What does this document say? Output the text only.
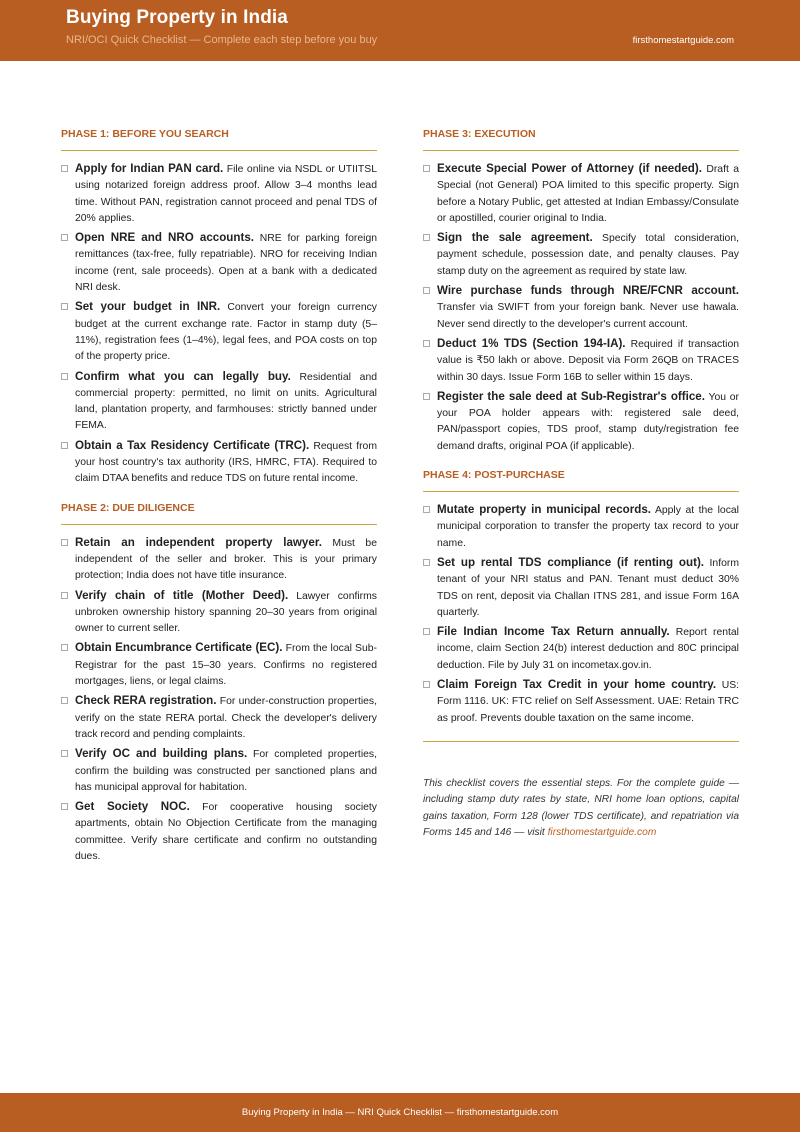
Buying Property in India
NRI/OCI Quick Checklist — Complete each step before you buy	firsthomestartguide.com
PHASE 1: BEFORE YOU SEARCH
Apply for Indian PAN card. File online via NSDL or UTIITSL using notarized foreign address proof. Allow 3–4 months lead time. Without PAN, registration cannot proceed and penal TDS of 20% applies.
Open NRE and NRO accounts. NRE for parking foreign remittances (tax-free, fully repatriable). NRO for receiving Indian income (rent, sale proceeds). Open at a bank with a dedicated NRI desk.
Set your budget in INR. Convert your foreign currency budget at the current exchange rate. Factor in stamp duty (5–11%), registration fees (1–4%), legal fees, and POA costs on top of the property price.
Confirm what you can legally buy. Residential and commercial property: permitted, no limit on units. Agricultural land, plantation property, and farmhouses: strictly banned under FEMA.
Obtain a Tax Residency Certificate (TRC). Request from your host country's tax authority (IRS, HMRC, FTA). Required to claim DTAA benefits and reduce TDS on future rental income.
PHASE 2: DUE DILIGENCE
Retain an independent property lawyer. Must be independent of the seller and broker. This is your primary protection; India does not have title insurance.
Verify chain of title (Mother Deed). Lawyer confirms unbroken ownership history spanning 20–30 years from original owner to current seller.
Obtain Encumbrance Certificate (EC). From the local Sub-Registrar for the past 15–30 years. Confirms no registered mortgages, liens, or legal claims.
Check RERA registration. For under-construction properties, verify on the state RERA portal. Check the developer's delivery track record and pending complaints.
Verify OC and building plans. For completed properties, confirm the building was constructed per sanctioned plans and has municipal approval for habitation.
Get Society NOC. For cooperative housing society apartments, obtain No Objection Certificate from the managing committee. Verify share certificate and confirm no outstanding dues.
PHASE 3: EXECUTION
Execute Special Power of Attorney (if needed). Draft a Special (not General) POA limited to this specific property. Sign before a Notary Public, get attested at Indian Embassy/Consulate or apostilled, courier original to India.
Sign the sale agreement. Specify total consideration, payment schedule, possession date, and penalty clauses. Pay stamp duty on the agreement as required by state law.
Wire purchase funds through NRE/FCNR account. Transfer via SWIFT from your foreign bank. Never use hawala. Never send directly to the developer's current account.
Deduct 1% TDS (Section 194-IA). Required if transaction value is ₹50 lakh or above. Deposit via Form 26QB on TRACES within 30 days. Issue Form 16B to seller within 15 days.
Register the sale deed at Sub-Registrar's office. You or your POA holder appears with: registered sale deed, PAN/passport copies, TDS proof, stamp duty/registration fee demand drafts, original POA (if applicable).
PHASE 4: POST-PURCHASE
Mutate property in municipal records. Apply at the local municipal corporation to transfer the property tax record to your name.
Set up rental TDS compliance (if renting out). Inform tenant of your NRI status and PAN. Tenant must deduct 30% TDS on rent, deposit via Challan ITNS 281, and issue Form 16A quarterly.
File Indian Income Tax Return annually. Report rental income, claim Section 24(b) interest deduction and 80C principal deduction. File by July 31 on incometax.gov.in.
Claim Foreign Tax Credit in your home country. US: Form 1116. UK: FTC relief on Self Assessment. UAE: Retain TRC as proof. Prevents double taxation on the same income.
This checklist covers the essential steps. For the complete guide — including stamp duty rates by state, NRI home loan options, capital gains taxation, Form 128 (lower TDS certificate), and repatriation via Forms 145 and 146 — visit firsthomestartguide.com
Buying Property in India — NRI Quick Checklist — firsthomestartguide.com
